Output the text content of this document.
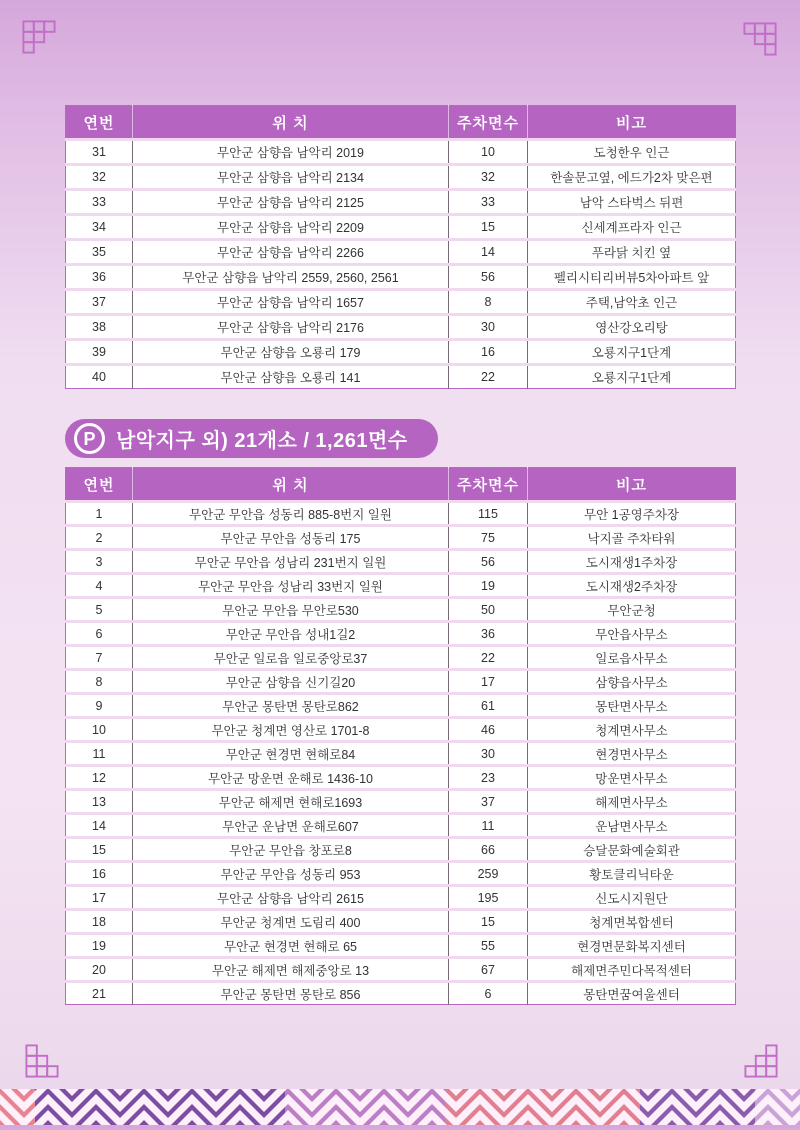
연번	위 치	주차면수	비고
31	무안군 삼향읍 남악리 2019	10	도청한우 인근
32	무안군 삼향읍 남악리 2134	32	한솔문고옆, 에드가2차 맞은편
33	무안군 삼향읍 남악리 2125	33	남악 스타벅스 뒤편
34	무안군 삼향읍 남악리 2209	15	신세계프라자 인근
35	무안군 삼향읍 남악리 2266	14	푸라닭 치킨 옆
36	무안군 삼향읍 남악리 2559, 2560, 2561	56	펠리시티리버뷰5차아파트 앞
37	무안군 삼향읍 남악리 1657	8	주택,남악초 인근
38	무안군 삼향읍 남악리 2176	30	영산강오리탕
39	무안군 삼향읍 오룡리 179	16	오룡지구1단계
40	무안군 삼향읍 오룡리 141	22	오룡지구1단계
P	남악지구 외) 21개소 / 1,261면수
연번	위 치	주차면수	비고
1	무안군 무안읍 성동리 885-8번지 일원	115	무안 1공영주차장
2	무안군 무안읍 성동리 175	75	낙지골 주차타워
3	무안군 무안읍 성남리 231번지 일원	56	도시재생1주차장
4	무안군 무안읍 성남리 33번지 일원	19	도시재생2주차장
5	무안군 무안읍 무안로530	50	무안군청
6	무안군 무안읍 성내1길2	36	무안읍사무소
7	무안군 일로읍 일로중앙로37	22	일로읍사무소
8	무안군 삼향읍 신기길20	17	삼향읍사무소
9	무안군 몽탄면 몽탄로862	61	몽탄면사무소
10	무안군 청계면 영산로 1701-8	46	청계면사무소
11	무안군 현경면 현해로84	30	현경면사무소
12	무안군 망운면 운해로 1436-10	23	망운면사무소
13	무안군 해제면 현해로1693	37	해제면사무소
14	무안군 운남면 운해로607	11	운남면사무소
15	무안군 무안읍 창포로8	66	승달문화예술회관
16	무안군 무안읍 성동리 953	259	황토클리닉타운
17	무안군 삼향읍 남악리 2615	195	신도시지원단
18	무안군 청계면 도림리 400	15	청계면복합센터
19	무안군 현경면 현해로 65	55	현경면문화복지센터
20	무안군 해제면 해제중앙로 13	67	해제면주민다목적센터
21	무안군 몽탄면 몽탄로 856	6	몽탄면꿈여울센터
